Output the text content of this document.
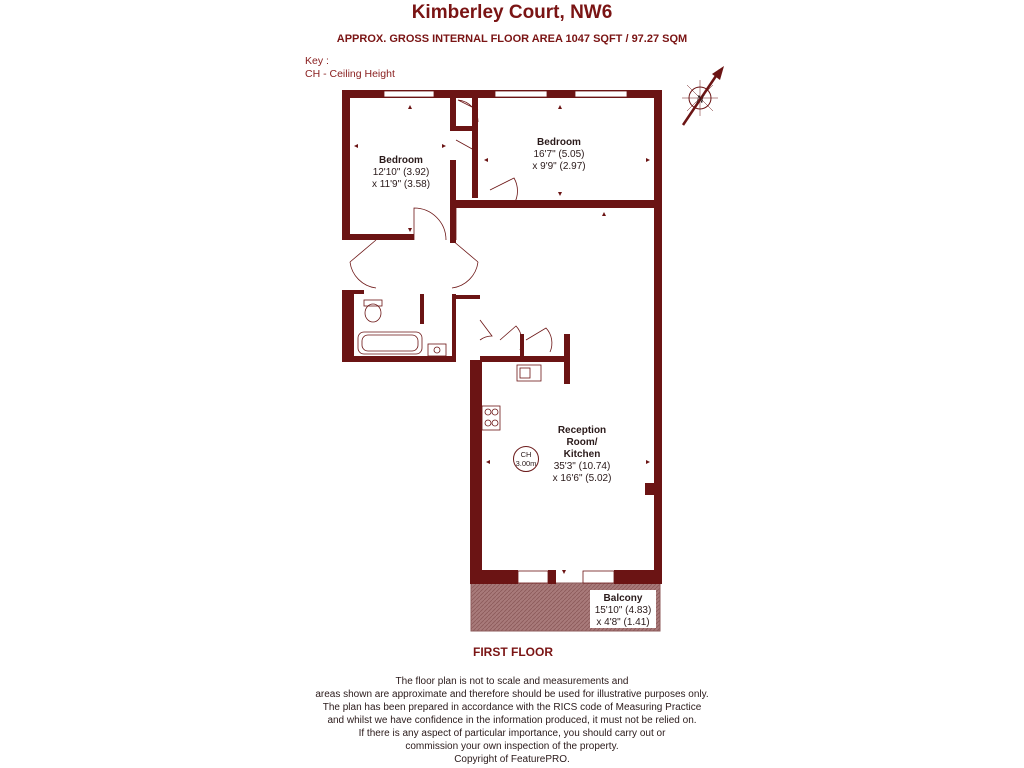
Kimberley Court, NW6
APPROX. GROSS INTERNAL FLOOR AREA 1047 SQFT / 97.27 SQM
Key :
CH - Ceiling Height
N
Bedroom
12'10" (3.92)
x 11'9" (3.58)
Bedroom
16'7" (5.05)
x 9'9" (2.97)
Reception
Room/
Kitchen
35'3" (10.74)
x 16'6" (5.02)
CH
3.00m
Balcony
15'10" (4.83)
x 4'8" (1.41)
FIRST FLOOR
The floor plan is not to scale and measurements and
areas shown are approximate and therefore should be used for illustrative purposes only.
The plan has been prepared in accordance with the RICS code of Measuring Practice
and whilst we have confidence in the information produced, it must not be relied on.
If there is any aspect of particular importance, you should carry out or
commission your own inspection of the property.
Copyright of FeaturePRO.
